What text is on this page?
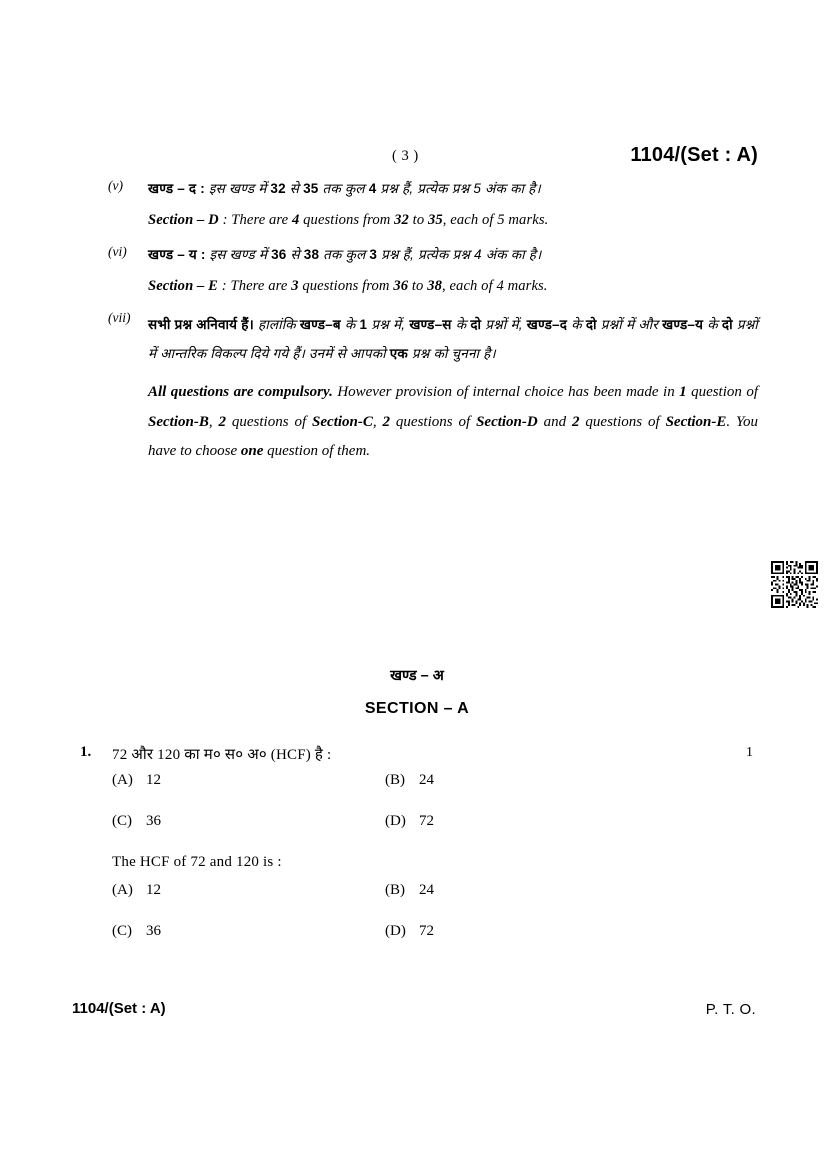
( 3 )	1104/(Set : A)
(v)	खण्ड – द : इस खण्ड में 32 से 35 तक कुल 4 प्रश्न हैं, प्रत्येक प्रश्न 5 अंक का है।
Section – D : There are 4 questions from 32 to 35, each of 5 marks.
(vi)	खण्ड – य : इस खण्ड में 36 से 38 तक कुल 3 प्रश्न हैं, प्रत्येक प्रश्न 4 अंक का है।
Section – E : There are 3 questions from 36 to 38, each of 4 marks.
(vii)	सभी प्रश्न अनिवार्य हैं। हालांकि खण्ड–ब के 1 प्रश्न में, खण्ड–स के दो प्रश्नों में, खण्ड–द के दो प्रश्नों में और खण्ड–य के दो प्रश्नों में आन्तरिक विकल्प दिये गये हैं। उनमें से आपको एक प्रश्न को चुनना है।
All questions are compulsory. However provision of internal choice has been made in 1 question of Section-B, 2 questions of Section-C, 2 questions of Section-D and 2 questions of Section-E. You have to choose one question of them.
खण्ड – अ
SECTION – A
1. 72 और 120 का म० स० अ० (HCF) है :	1
(A) 12	(B) 24
(C) 36	(D) 72
The HCF of 72 and 120 is :
(A) 12	(B) 24
(C) 36	(D) 72
1104/(Set : A)	P. T. O.
